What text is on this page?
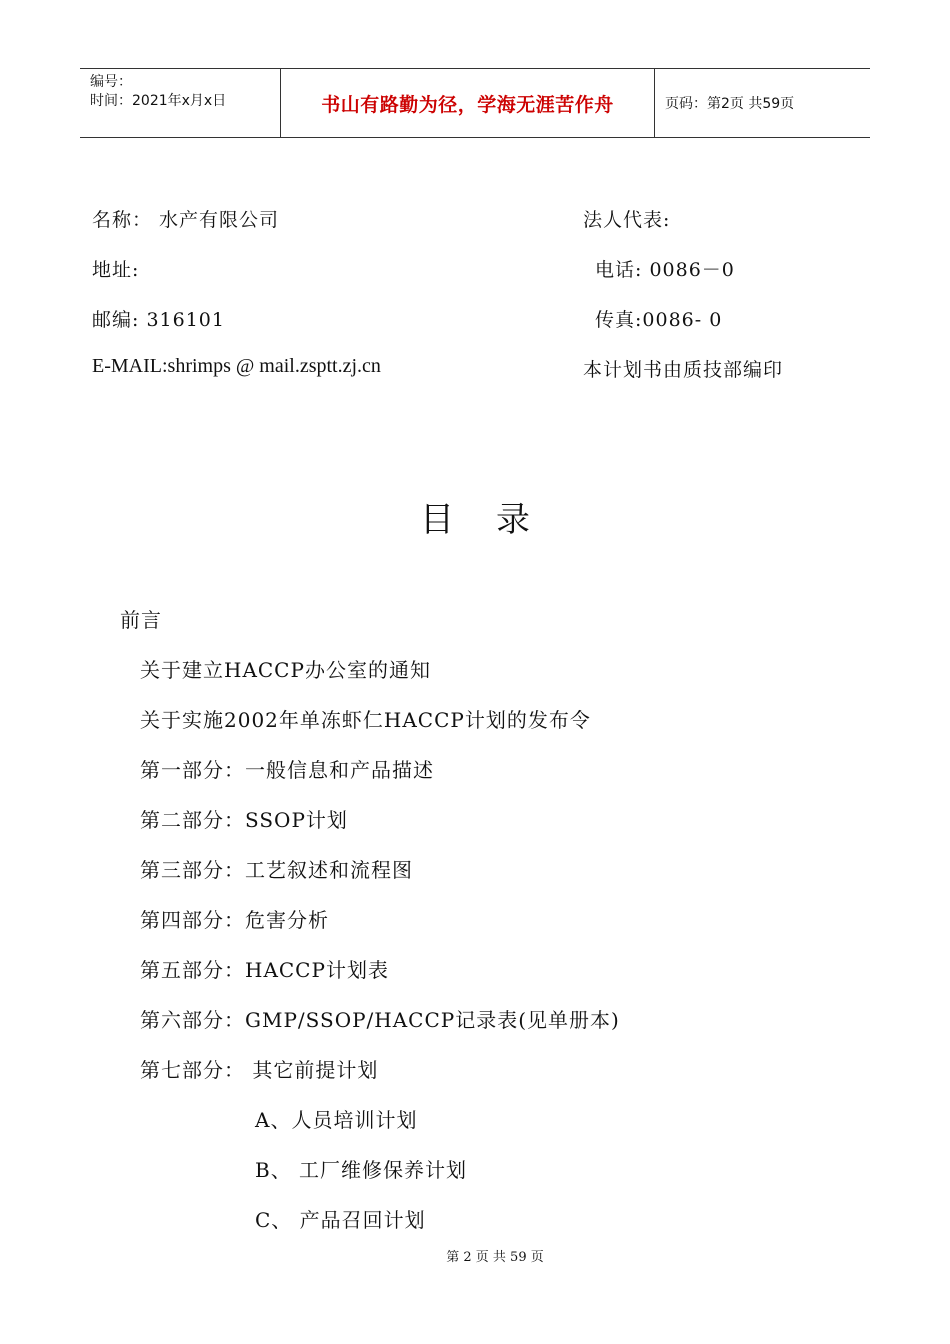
编号：
时间：2021年x月x日	书山有路勤为径，学海无涯苦作舟	页码：第2页 共59页
名称： 水产有限公司	法人代表:
地址:	电话: 0086－0
邮编: 316101	传真:0086- 0
E-MAIL:shrimps @ mail.zsptt.zj.cn	本计划书由质技部编印
目录
前言
关于建立HACCP办公室的通知
关于实施2002年单冻虾仁HACCP计划的发布令
第一部分：一般信息和产品描述
第二部分：SSOP计划
第三部分：工艺叙述和流程图
第四部分：危害分析
第五部分：HACCP计划表
第六部分：GMP/SSOP/HACCP记录表(见单册本)
第七部分： 其它前提计划
A、人员培训计划
B、 工厂维修保养计划
C、 产品召回计划
第 2 页 共 59 页
